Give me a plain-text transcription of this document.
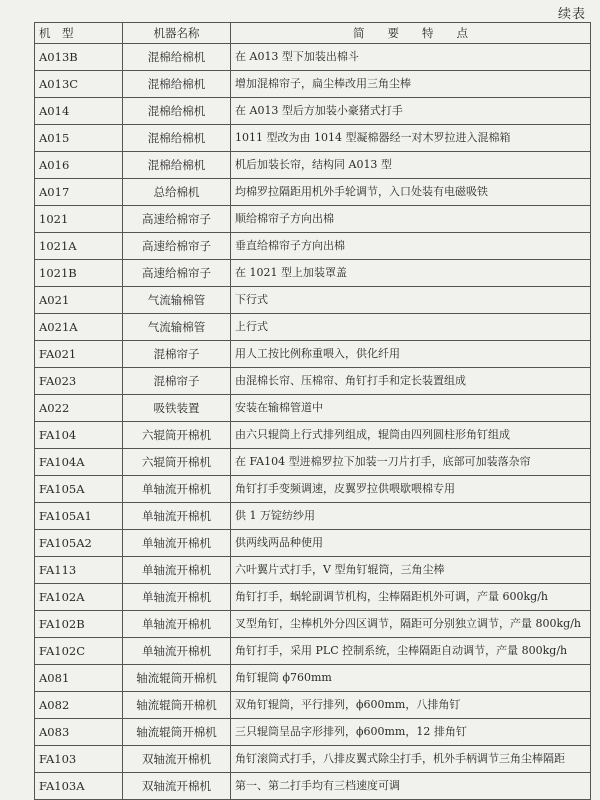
续表
机　型	机器名称	简　　要　　特　　点
A013B	混棉给棉机	在 A013 型下加装出棉斗
A013C	混棉给棉机	增加混棉帘子，扁尘棒改用三角尘棒
A014	混棉给棉机	在 A013 型后方加装小豪猪式打手
A015	混棉给棉机	1011 型改为由 1014 型凝棉器经一对木罗拉进入混棉箱
A016	混棉给棉机	机后加装长帘，结构同 A013 型
A017	总给棉机	均棉罗拉隔距用机外手轮调节，入口处装有电磁吸铁
1021	高速给棉帘子	顺给棉帘子方向出棉
1021A	高速给棉帘子	垂直给棉帘子方向出棉
1021B	高速给棉帘子	在 1021 型上加装罩盖
A021	气流输棉管	下行式
A021A	气流输棉管	上行式
FA021	混棉帘子	用人工按比例称重喂入，供化纤用
FA023	混棉帘子	由混棉长帘、压棉帘、角钉打手和定长装置组成
A022	吸铁装置	安装在输棉管道中
FA104	六辊筒开棉机	由六只辊筒上行式排列组成，辊筒由四列圆柱形角钉组成
FA104A	六辊筒开棉机	在 FA104 型进棉罗拉下加装一刀片打手，底部可加装落杂帘
FA105A	单轴流开棉机	角钉打手变频调速，皮翼罗拉供喂歇喂棉专用
FA105A1	单轴流开棉机	供 1 万锭纺纱用
FA105A2	单轴流开棉机	供两线两品种使用
FA113	单轴流开棉机	六叶翼片式打手，V 型角钉辊筒，三角尘棒
FA102A	单轴流开棉机	角钉打手，蜗轮副调节机构，尘棒隔距机外可调，产量 600kg/h
FA102B	单轴流开棉机	叉型角钉，尘棒机外分四区调节，隔距可分别独立调节，产量 800kg/h
FA102C	单轴流开棉机	角钉打手，采用 PLC 控制系统，尘棒隔距自动调节，产量 800kg/h
A081	轴流辊筒开棉机	角钉辊筒 ϕ760mm
A082	轴流辊筒开棉机	双角钉辊筒，平行排列，ϕ600mm，八排角钉
A083	轴流辊筒开棉机	三只辊筒呈品字形排列，ϕ600mm，12 排角钉
FA103	双轴流开棉机	角钉滚筒式打手，八排皮翼式除尘打手，机外手柄调节三角尘棒隔距
FA103A	双轴流开棉机	第一、第二打手均有三档速度可调
